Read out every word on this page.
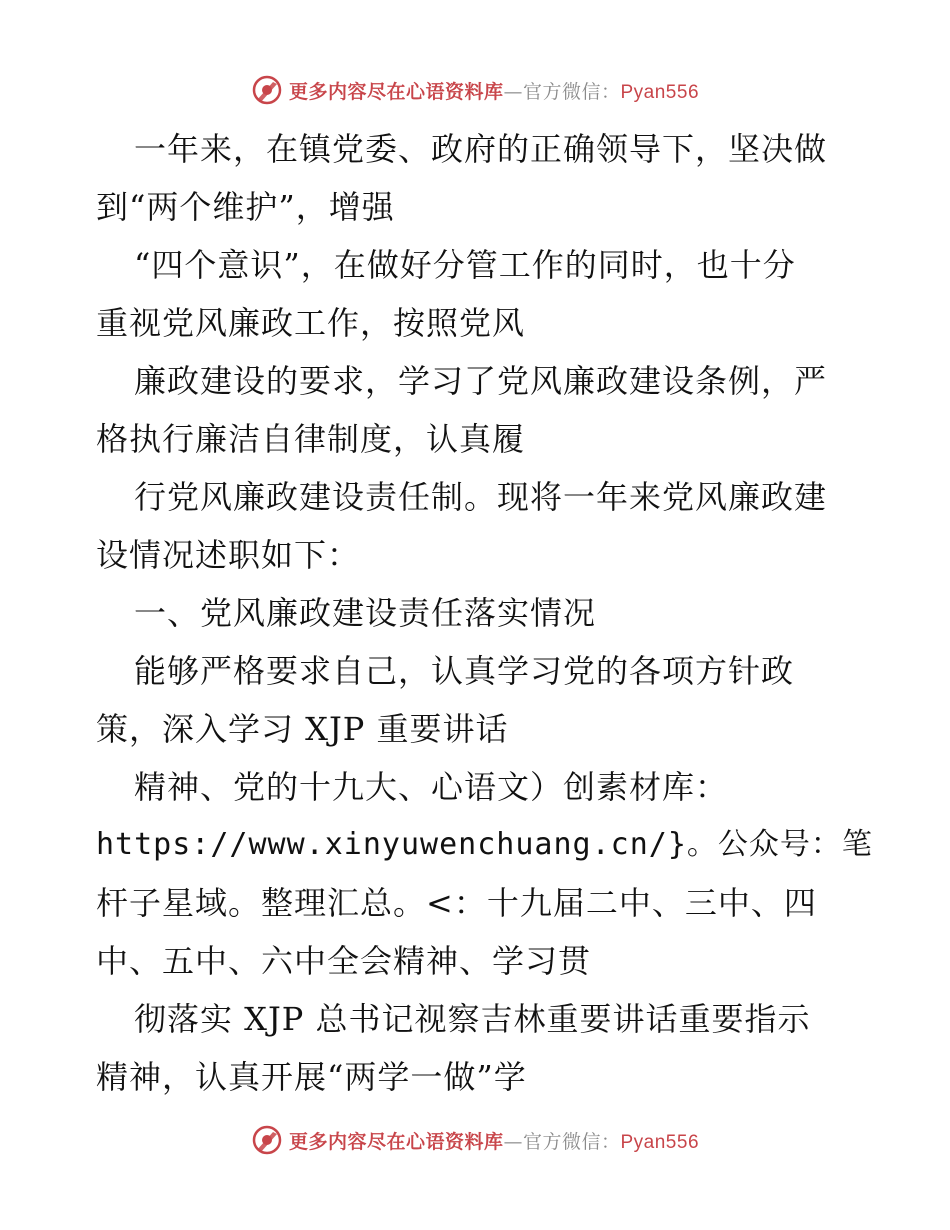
更多内容尽在心语资料库—官方微信：Pyan556
一年来，在镇党委、政府的正确领导下，坚决做
到“两个维护”，增强
“四个意识”，在做好分管工作的同时，也十分
重视党风廉政工作，按照党风
廉政建设的要求，学习了党风廉政建设条例，严
格执行廉洁自律制度，认真履
行党风廉政建设责任制。现将一年来党风廉政建
设情况述职如下：
一、党风廉政建设责任落实情况
能够严格要求自己，认真学习党的各项方针政
策，深入学习 XJP 重要讲话
精神、党的十九大、心语文）创素材库：
https://www.xinyuwenchuang.cn/}。公众号：笔
杆子星域。整理汇总。<：十九届二中、三中、四
中、五中、六中全会精神、学习贯
彻落实 XJP 总书记视察吉林重要讲话重要指示
精神，认真开展“两学一做”学
更多内容尽在心语资料库—官方微信：Pyan556
